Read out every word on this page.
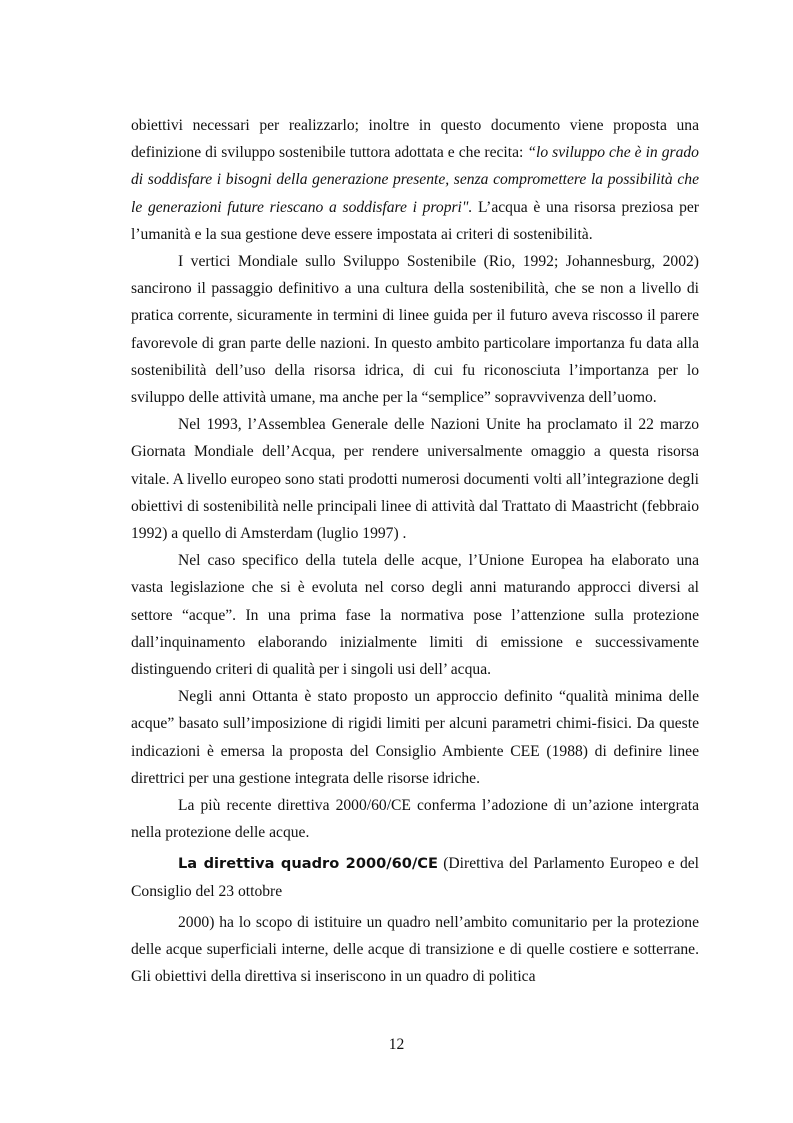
obiettivi necessari per realizzarlo; inoltre in questo documento viene proposta una definizione di sviluppo sostenibile tuttora adottata e che recita: “lo sviluppo che è in grado di soddisfare i bisogni della generazione presente, senza compromettere la possibilità che le generazioni future riescano a soddisfare i propri". L’acqua è una risorsa preziosa per l’umanità e la sua gestione deve essere impostata ai criteri di sostenibilità.

I vertici Mondiale sullo Sviluppo Sostenibile (Rio, 1992; Johannesburg, 2002) sancirono il passaggio definitivo a una cultura della sostenibilità, che se non a livello di pratica corrente, sicuramente in termini di linee guida per il futuro aveva riscosso il parere favorevole di gran parte delle nazioni. In questo ambito particolare importanza fu data alla sostenibilità dell’uso della risorsa idrica, di cui fu riconosciuta l’importanza per lo sviluppo delle attività umane, ma anche per la “semplice” sopravvivenza dell’uomo.

Nel 1993, l’Assemblea Generale delle Nazioni Unite ha proclamato il 22 marzo Giornata Mondiale dell’Acqua, per rendere universalmente omaggio a questa risorsa vitale. A livello europeo sono stati prodotti numerosi documenti volti all’integrazione degli obiettivi di sostenibilità nelle principali linee di attività dal Trattato di Maastricht (febbraio 1992) a quello di Amsterdam (luglio 1997) .

Nel caso specifico della tutela delle acque, l’Unione Europea ha elaborato una vasta legislazione che si è evoluta nel corso degli anni maturando approcci diversi al settore “acque”. In una prima fase la normativa pose l’attenzione sulla protezione dall’inquinamento elaborando inizialmente limiti di emissione e successivamente distinguendo criteri di qualità per i singoli usi dell’ acqua.

Negli anni Ottanta è stato proposto un approccio definito “qualità minima delle acque” basato sull’imposizione di rigidi limiti per alcuni parametri chimi-fisici. Da queste indicazioni è emersa la proposta del Consiglio Ambiente CEE (1988) di definire linee direttrici per una gestione integrata delle risorse idriche.

La più recente direttiva 2000/60/CE conferma l’adozione di un’azione intergrata nella protezione delle acque.

La direttiva quadro 2000/60/CE (Direttiva del Parlamento Europeo e del Consiglio del 23 ottobre

2000) ha lo scopo di istituire un quadro nell’ambito comunitario per la protezione delle acque superficiali interne, delle acque di transizione e di quelle costiere e sotterrane. Gli obiettivi della direttiva si inseriscono in un quadro di politica

12
